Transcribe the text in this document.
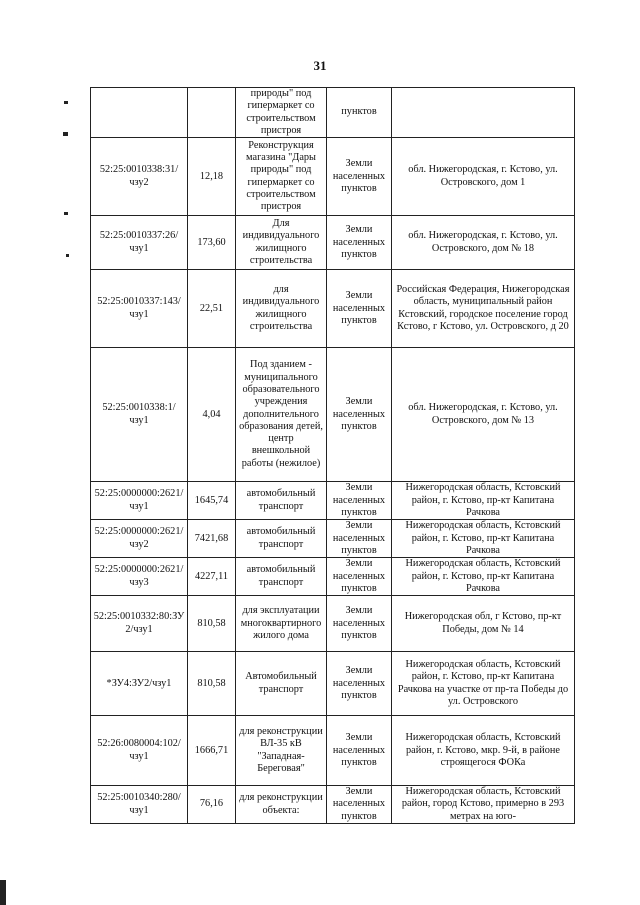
31
		природы" под гипермаркет со строительством пристроя	пунктов	
52:25:0010338:31/чзу2	12,18	Реконструкция магазина "Дары природы" под гипермаркет со строительством пристроя	Земли населенных пунктов	обл. Нижегородская, г. Кстово, ул. Островского, дом 1
52:25:0010337:26/чзу1	173,60	Для индивидуального жилищного строительства	Земли населенных пунктов	обл. Нижегородская, г. Кстово, ул. Островского, дом № 18
52:25:0010337:143/чзу1	22,51	для индивидуального жилищного строительства	Земли населенных пунктов	Российская Федерация, Нижегородская область, муниципальный район Кстовский, городское поселение город Кстово, г Кстово, ул. Островского, д 20
52:25:0010338:1/чзу1	4,04	Под зданием - муниципального образовательного учреждения дополнительного образования детей, центр внешкольной работы (нежилое)	Земли населенных пунктов	обл. Нижегородская, г. Кстово, ул. Островского, дом № 13
52:25:0000000:2621/чзу1	1645,74	автомобильный транспорт	Земли населенных пунктов	Нижегородская область, Кстовский район, г. Кстово, пр-кт Капитана Рачкова
52:25:0000000:2621/чзу2	7421,68	автомобильный транспорт	Земли населенных пунктов	Нижегородская область, Кстовский район, г. Кстово, пр-кт Капитана Рачкова
52:25:0000000:2621/чзу3	4227,11	автомобильный транспорт	Земли населенных пунктов	Нижегородская область, Кстовский район, г. Кстово, пр-кт Капитана Рачкова
52:25:0010332:80:ЗУ2/чзу1	810,58	для эксплуатации многоквартирного жилого дома	Земли населенных пунктов	Нижегородская обл, г Кстово, пр-кт Победы, дом № 14
*ЗУ4:ЗУ2/чзу1	810,58	Автомобильный транспорт	Земли населенных пунктов	Нижегородская область, Кстовский район, г. Кстово, пр-кт Капитана Рачкова на участке от пр-та Победы до ул. Островского
52:26:0080004:102/чзу1	1666,71	для реконструкции ВЛ-35 кВ "Западная-Береговая"	Земли населенных пунктов	Нижегородская область, Кстовский район, г. Кстово, мкр. 9-й, в районе строящегося ФОКа
52:25:0010340:280/чзу1	76,16	для реконструкции объекта:	Земли населенных пунктов	Нижегородская область, Кстовский район, город Кстово, примерно в 293 метрах на юго-
